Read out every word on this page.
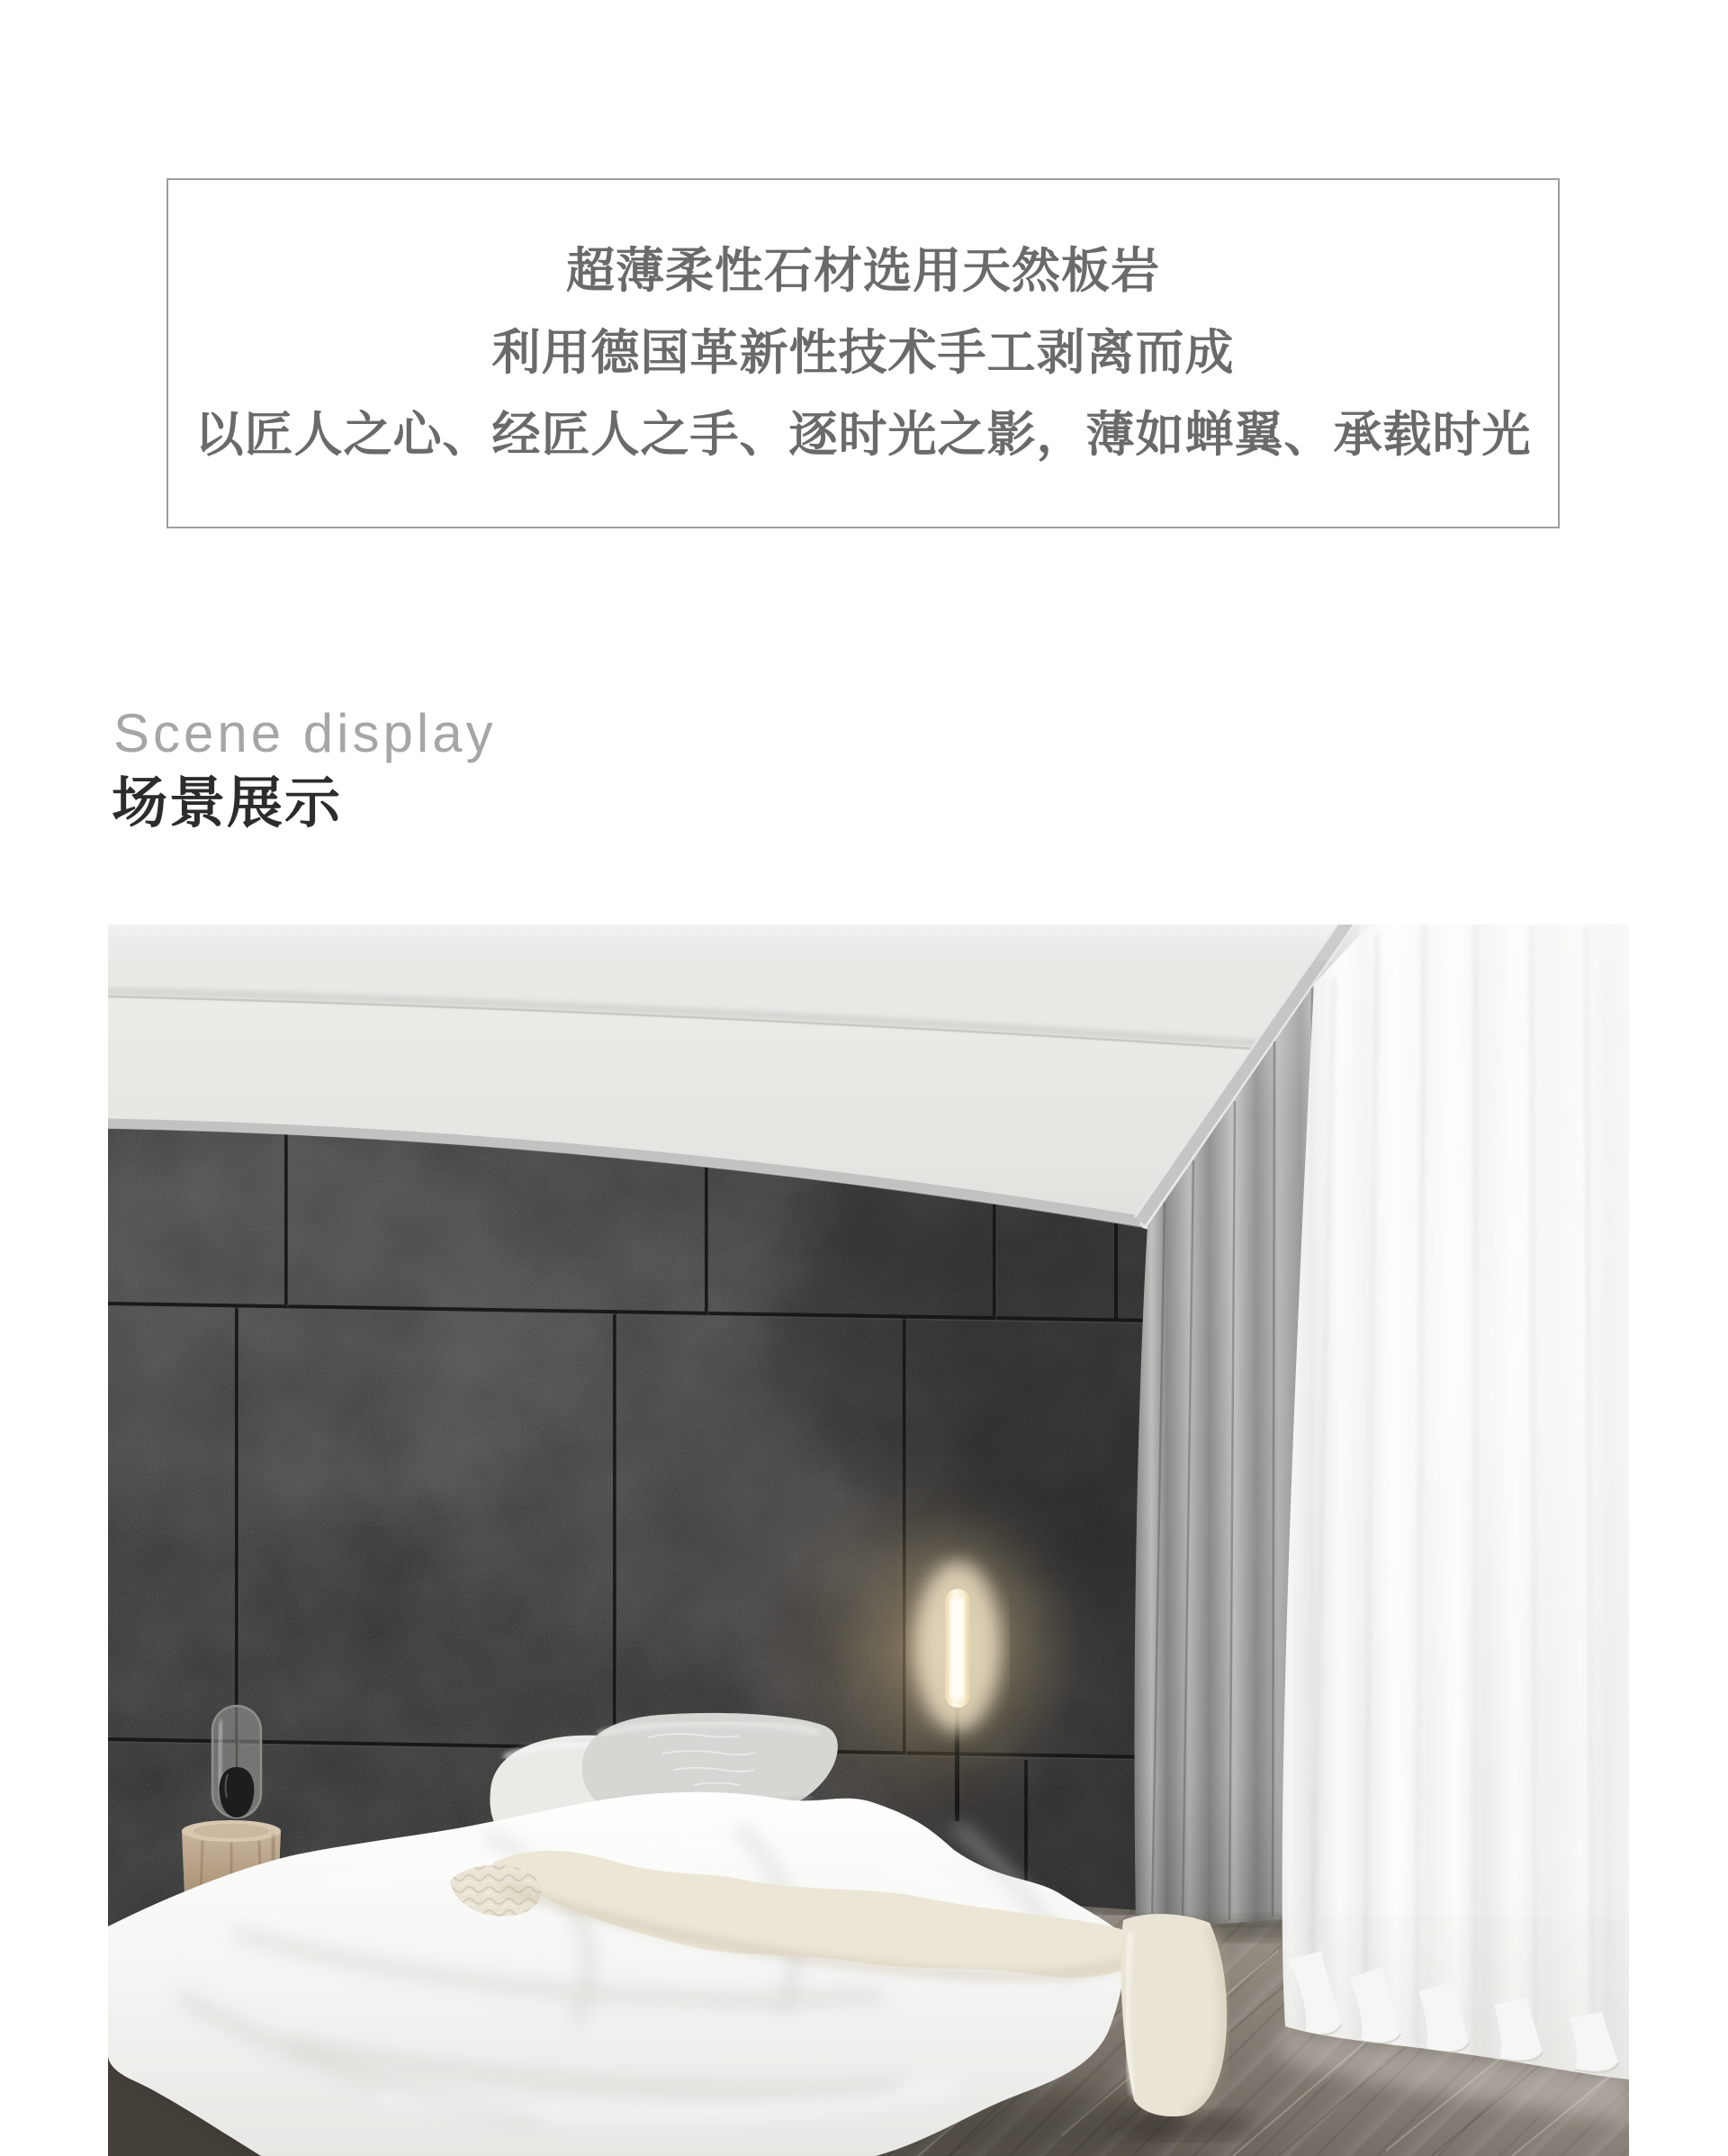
超薄柔性石材选用天然板岩

利用德国革新性技术手工剥离而成

以匠人之心、经匠人之手、逐时光之影，薄如蝉翼、承载时光

Scene display
场景展示
